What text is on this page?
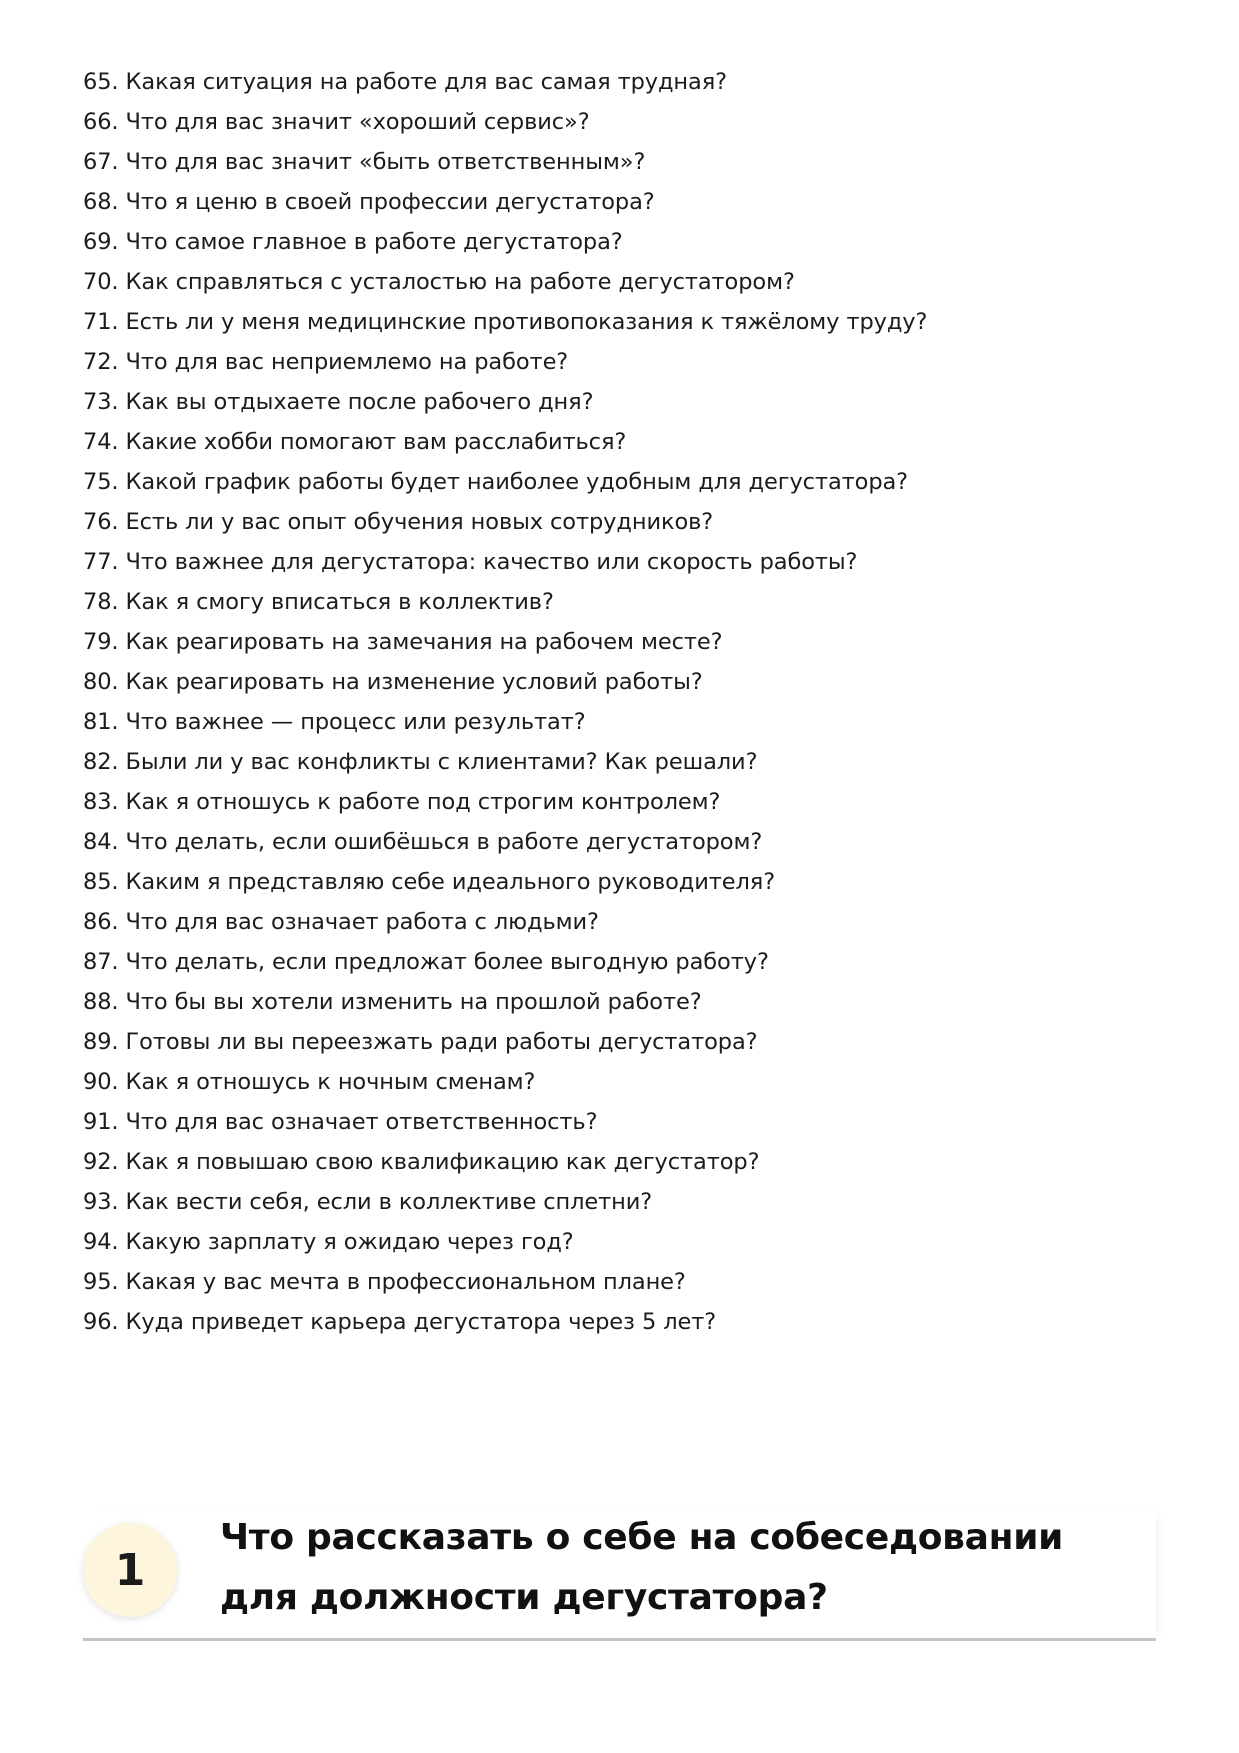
65. Какая ситуация на работе для вас самая трудная?
66. Что для вас значит «хороший сервис»?
67. Что для вас значит «быть ответственным»?
68. Что я ценю в своей профессии дегустатора?
69. Что самое главное в работе дегустатора?
70. Как справляться с усталостью на работе дегустатором?
71. Есть ли у меня медицинские противопоказания к тяжёлому труду?
72. Что для вас неприемлемо на работе?
73. Как вы отдыхаете после рабочего дня?
74. Какие хобби помогают вам расслабиться?
75. Какой график работы будет наиболее удобным для дегустатора?
76. Есть ли у вас опыт обучения новых сотрудников?
77. Что важнее для дегустатора: качество или скорость работы?
78. Как я смогу вписаться в коллектив?
79. Как реагировать на замечания на рабочем месте?
80. Как реагировать на изменение условий работы?
81. Что важнее — процесс или результат?
82. Были ли у вас конфликты с клиентами? Как решали?
83. Как я отношусь к работе под строгим контролем?
84. Что делать, если ошибёшься в работе дегустатором?
85. Каким я представляю себе идеального руководителя?
86. Что для вас означает работа с людьми?
87. Что делать, если предложат более выгодную работу?
88. Что бы вы хотели изменить на прошлой работе?
89. Готовы ли вы переезжать ради работы дегустатора?
90. Как я отношусь к ночным сменам?
91. Что для вас означает ответственность?
92. Как я повышаю свою квалификацию как дегустатор?
93. Как вести себя, если в коллективе сплетни?
94. Какую зарплату я ожидаю через год?
95. Какая у вас мечта в профессиональном плане?
96. Куда приведет карьера дегустатора через 5 лет?
1
Что рассказать о себе на собеседовании для должности дегустатора?
